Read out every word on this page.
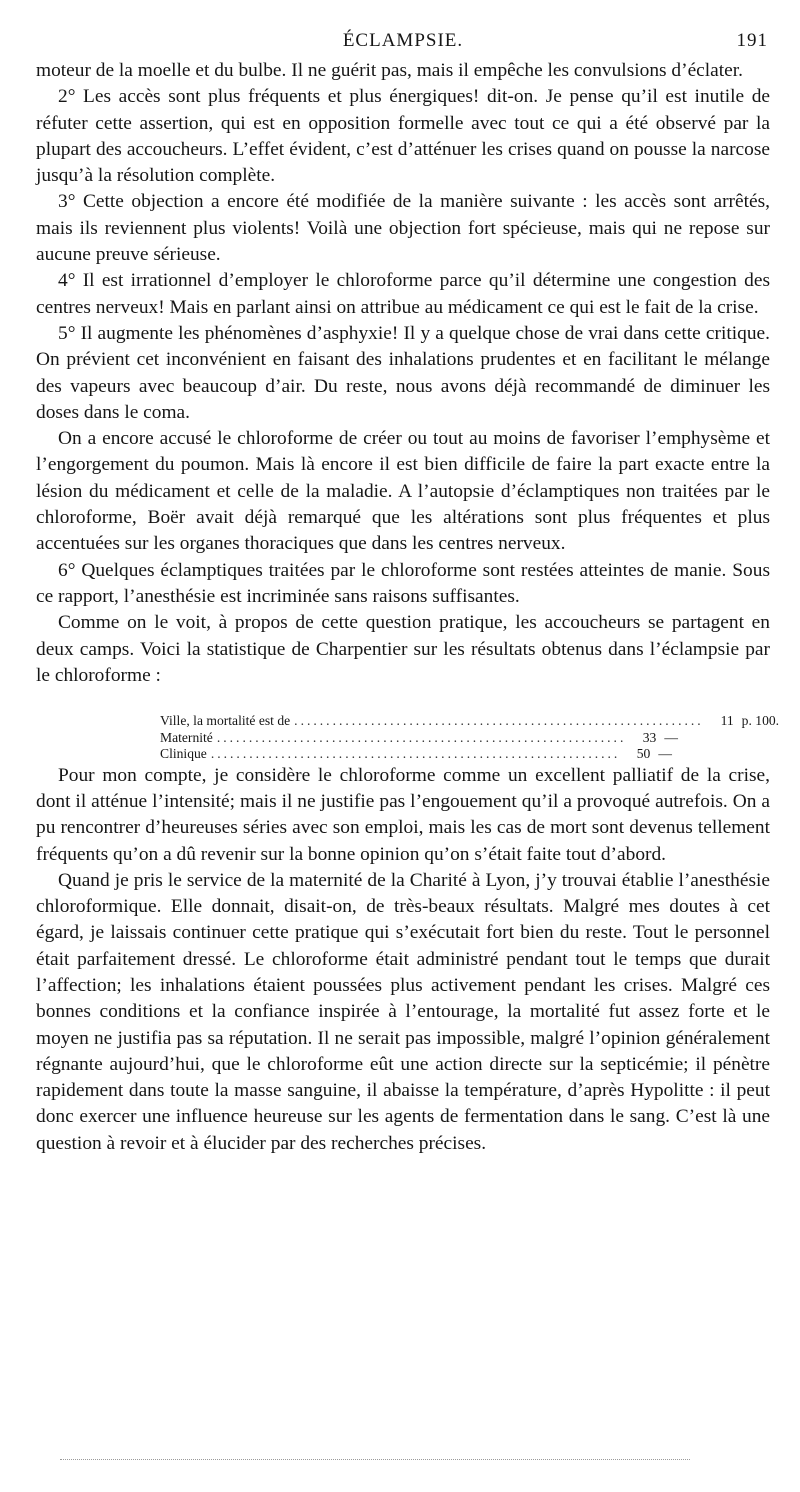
ÉCLAMPSIE.	191

moteur de la moelle et du bulbe. Il ne guérit pas, mais il empêche les convulsions d’éclater.

2° Les accès sont plus fréquents et plus énergiques! dit-on. Je pense qu’il est inutile de réfuter cette assertion, qui est en opposition formelle avec tout ce qui a été observé par la plupart des accoucheurs. L’effet évident, c’est d’atténuer les crises quand on pousse la narcose jusqu’à la résolution complète.

3° Cette objection a encore été modifiée de la manière suivante : les accès sont arrêtés, mais ils reviennent plus violents! Voilà une objection fort spécieuse, mais qui ne repose sur aucune preuve sérieuse.

4° Il est irrationnel d’employer le chloroforme parce qu’il détermine une congestion des centres nerveux! Mais en parlant ainsi on attribue au médicament ce qui est le fait de la crise.

5° Il augmente les phénomènes d’asphyxie! Il y a quelque chose de vrai dans cette critique. On prévient cet inconvénient en faisant des inhalations prudentes et en facilitant le mélange des vapeurs avec beaucoup d’air. Du reste, nous avons déjà recommandé de diminuer les doses dans le coma.

On a encore accusé le chloroforme de créer ou tout au moins de favoriser l’emphysème et l’engorgement du poumon. Mais là encore il est bien difficile de faire la part exacte entre la lésion du médicament et celle de la maladie. A l’autopsie d’éclamptiques non traitées par le chloroforme, Boër avait déjà remarqué que les altérations sont plus fréquentes et plus accentuées sur les organes thoraciques que dans les centres nerveux.

6° Quelques éclamptiques traitées par le chloroforme sont restées atteintes de manie. Sous ce rapport, l’anesthésie est incriminée sans raisons suffisantes.

Comme on le voit, à propos de cette question pratique, les accoucheurs se partagent en deux camps. Voici la statistique de Charpentier sur les résultats obtenus dans l’éclampsie par le chloroforme :

Ville, la mortalité est de ................................................................	11 p. 100.
Maternité ................................................................	33 —
Clinique ................................................................	50 —

Pour mon compte, je considère le chloroforme comme un excellent palliatif de la crise, dont il atténue l’intensité; mais il ne justifie pas l’engouement qu’il a provoqué autrefois. On a pu rencontrer d’heureuses séries avec son emploi, mais les cas de mort sont devenus tellement fréquents qu’on a dû revenir sur la bonne opinion qu’on s’était faite tout d’abord.

Quand je pris le service de la maternité de la Charité à Lyon, j’y trouvai établie l’anesthésie chloroformique. Elle donnait, disait-on, de très-beaux résultats. Malgré mes doutes à cet égard, je laissais continuer cette pratique qui s’exécutait fort bien du reste. Tout le personnel était parfaitement dressé. Le chloroforme était administré pendant tout le temps que durait l’affection; les inhalations étaient poussées plus activement pendant les crises. Malgré ces bonnes conditions et la confiance inspirée à l’entourage, la mortalité fut assez forte et le moyen ne justifia pas sa réputation. Il ne serait pas impossible, malgré l’opinion généralement régnante aujourd’hui, que le chloroforme eût une action directe sur la septicémie; il pénètre rapidement dans toute la masse sanguine, il abaisse la température, d’après Hypolitte : il peut donc exercer une influence heureuse sur les agents de fermentation dans le sang. C’est là une question à revoir et à élucider par des recherches précises.
